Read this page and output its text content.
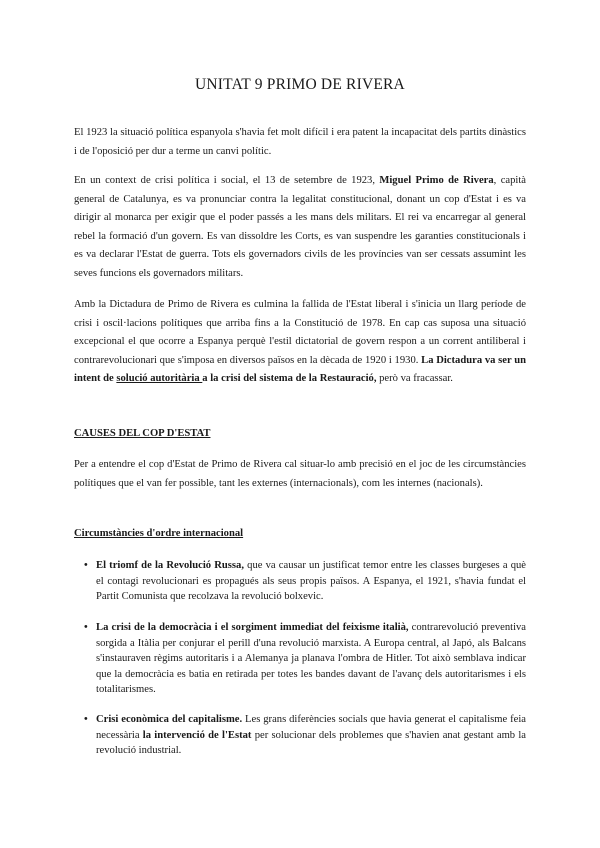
UNITAT 9 PRIMO DE RIVERA

El 1923 la situació política espanyola s'havia fet molt difícil i era patent la incapacitat dels partits dinàstics i de l'oposició per dur a terme un canvi polític.

En un context de crisi política i social, el 13 de setembre de 1923, Miguel Primo de Rivera, capità general de Catalunya, es va pronunciar contra la legalitat constitucional, donant un cop d'Estat i es va dirigir al monarca per exigir que el poder passés a les mans dels militars. El rei va encarregar al general rebel la formació d'un govern. Es van dissoldre les Corts, es van suspendre les garanties constitucionals i es va declarar l'Estat de guerra. Tots els governadors civils de les províncies van ser cessats assumint les seves funcions els governadors militars.

Amb la Dictadura de Primo de Rivera es culmina la fallida de l'Estat liberal i s'inicia un llarg període de crisi i oscil·lacions polítiques que arriba fins a la Constitució de 1978. En cap cas suposa una situació excepcional el que ocorre a Espanya perquè l'estil dictatorial de govern respon a un corrent antiliberal i contrarevolucionari que s'imposa en diversos països en la dècada de 1920 i 1930. La Dictadura va ser un intent de solució autoritària a la crisi del sistema de la Restauració, però va fracassar.

CAUSES DEL COP D'ESTAT

Per a entendre el cop d'Estat de Primo de Rivera cal situar-lo amb precisió en el joc de les circumstàncies polítiques que el van fer possible, tant les externes (internacionals), com les internes (nacionals).

Circumstàncies d'ordre internacional
• El triomf de la Revolució Russa, que va causar un justificat temor entre les classes burgeses a què el contagi revolucionari es propagués als seus propis països. A Espanya, el 1921, s'havia fundat el Partit Comunista que recolzava la revolució bolxevic.
• La crisi de la democràcia i el sorgiment immediat del feixisme italià, contrarevolució preventiva sorgida a Itàlia per conjurar el perill d'una revolució marxista. A Europa central, al Japó, als Balcans s'instauraven règims autoritaris i a Alemanya ja planava l'ombra de Hitler. Tot això semblava indicar que la democràcia es batia en retirada per totes les bandes davant de l'avanç dels autoritarismes i els totalitarismes.
• Crisi econòmica del capitalisme. Les grans diferències socials que havia generat el capitalisme feia necessària la intervenció de l'Estat per solucionar dels problemes que s'havien anat gestant amb la revolució industrial.
